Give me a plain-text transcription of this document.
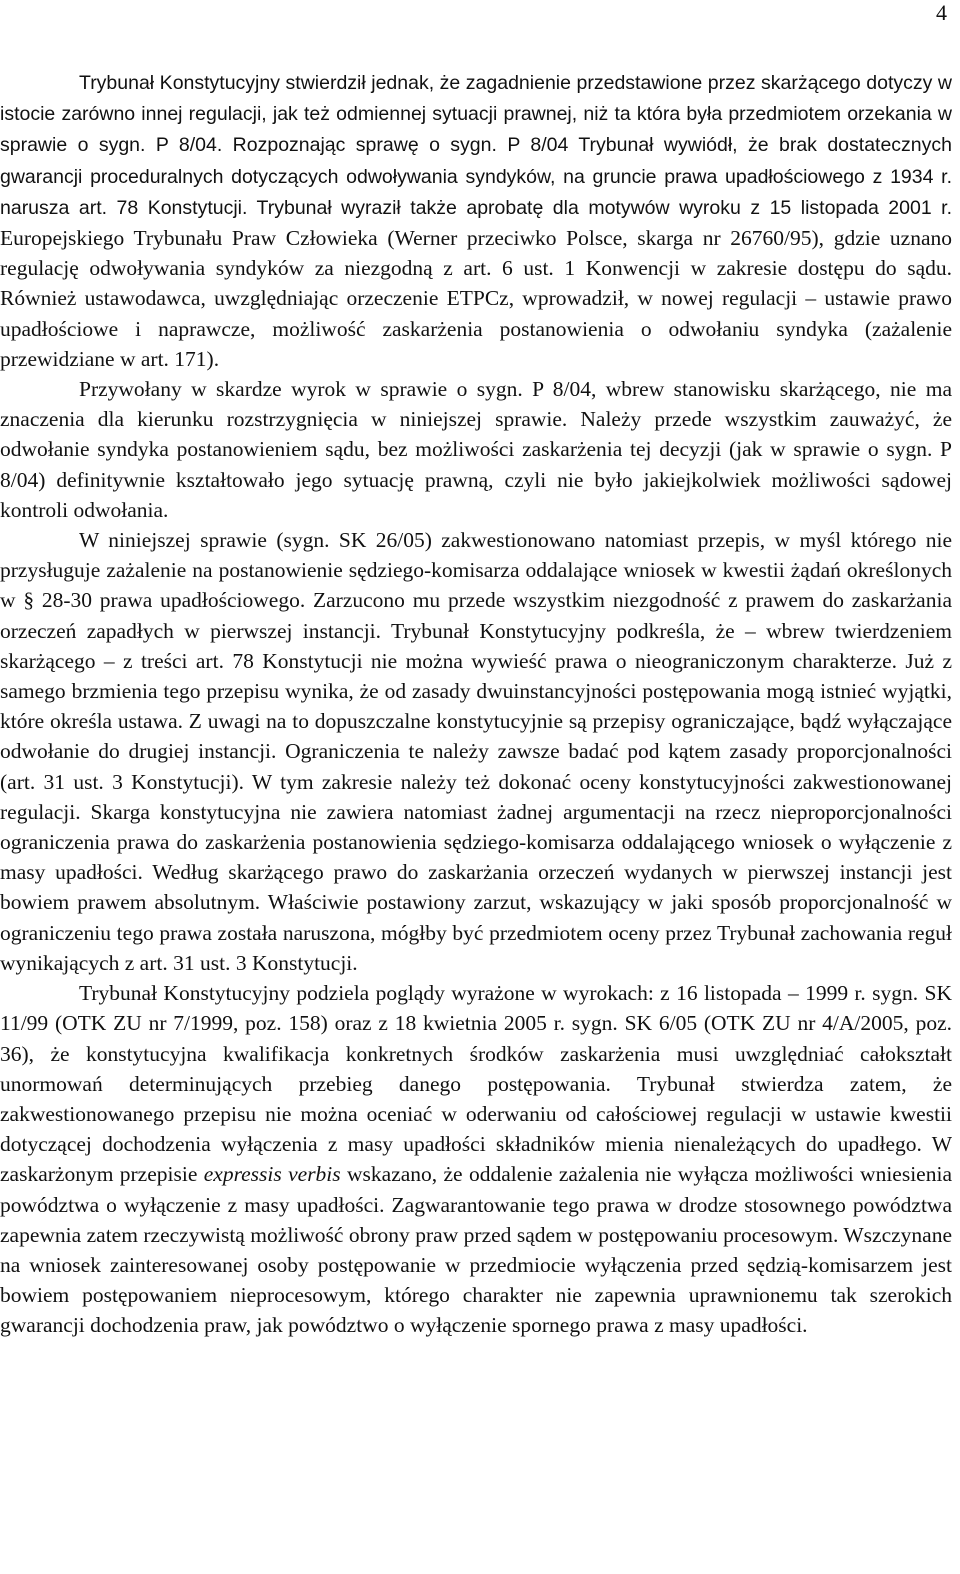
4

Trybunał Konstytucyjny stwierdził jednak, że zagadnienie przedstawione przez skarżącego dotyczy w istocie zarówno innej regulacji, jak też odmiennej sytuacji prawnej, niż ta która była przedmiotem orzekania w sprawie o sygn. P 8/04. Rozpoznając sprawę o sygn. P 8/04 Trybunał wywiódł, że brak dostatecznych gwarancji proceduralnych dotyczących odwoływania syndyków, na gruncie prawa upadłościowego z 1934 r. narusza art. 78 Konstytucji. Trybunał wyraził także aprobatę dla motywów wyroku z 15 listopada 2001 r. Europejskiego Trybunału Praw Człowieka (Werner przeciwko Polsce, skarga nr 26760/95), gdzie uznano regulację odwoływania syndyków za niezgodną z art. 6 ust. 1 Konwencji w zakresie dostępu do sądu. Również ustawodawca, uwzględniając orzeczenie ETPCz, wprowadził, w nowej regulacji – ustawie prawo upadłościowe i naprawcze, możliwość zaskarżenia postanowienia o odwołaniu syndyka (zażalenie przewidziane w art. 171).

Przywołany w skardze wyrok w sprawie o sygn. P 8/04, wbrew stanowisku skarżącego, nie ma znaczenia dla kierunku rozstrzygnięcia w niniejszej sprawie. Należy przede wszystkim zauważyć, że odwołanie syndyka postanowieniem sądu, bez możliwości zaskarżenia tej decyzji (jak w sprawie o sygn. P 8/04) definitywnie kształtowało jego sytuację prawną, czyli nie było jakiejkolwiek możliwości sądowej kontroli odwołania.

W niniejszej sprawie (sygn. SK 26/05) zakwestionowano natomiast przepis, w myśl którego nie przysługuje zażalenie na postanowienie sędziego-komisarza oddalające wniosek w kwestii żądań określonych w § 28-30 prawa upadłościowego. Zarzucono mu przede wszystkim niezgodność z prawem do zaskarżania orzeczeń zapadłych w pierwszej instancji. Trybunał Konstytucyjny podkreśla, że – wbrew twierdzeniem skarżącego – z treści art. 78 Konstytucji nie można wywieść prawa o nieograniczonym charakterze. Już z samego brzmienia tego przepisu wynika, że od zasady dwuinstancyjności postępowania mogą istnieć wyjątki, które określa ustawa. Z uwagi na to dopuszczalne konstytucyjnie są przepisy ograniczające, bądź wyłączające odwołanie do drugiej instancji. Ograniczenia te należy zawsze badać pod kątem zasady proporcjonalności (art. 31 ust. 3 Konstytucji). W tym zakresie należy też dokonać oceny konstytucyjności zakwestionowanej regulacji. Skarga konstytucyjna nie zawiera natomiast żadnej argumentacji na rzecz nieproporcjonalności ograniczenia prawa do zaskarżenia postanowienia sędziego-komisarza oddalającego wniosek o wyłączenie z masy upadłości. Według skarżącego prawo do zaskarżania orzeczeń wydanych w pierwszej instancji jest bowiem prawem absolutnym. Właściwie postawiony zarzut, wskazujący w jaki sposób proporcjonalność w ograniczeniu tego prawa została naruszona, mógłby być przedmiotem oceny przez Trybunał zachowania reguł wynikających z art. 31 ust. 3 Konstytucji.

Trybunał Konstytucyjny podziela poglądy wyrażone w wyrokach: z 16 listopada – 1999 r. sygn. SK 11/99 (OTK ZU nr 7/1999, poz. 158) oraz z 18 kwietnia 2005 r. sygn. SK 6/05 (OTK ZU nr 4/A/2005, poz. 36), że konstytucyjna kwalifikacja konkretnych środków zaskarżenia musi uwzględniać całokształt unormowań determinujących przebieg danego postępowania. Trybunał stwierdza zatem, że zakwestionowanego przepisu nie można oceniać w oderwaniu od całościowej regulacji w ustawie kwestii dotyczącej dochodzenia wyłączenia z masy upadłości składników mienia nienależących do upadłego. W zaskarżonym przepisie expressis verbis wskazano, że oddalenie zażalenia nie wyłącza możliwości wniesienia powództwa o wyłączenie z masy upadłości. Zagwarantowanie tego prawa w drodze stosownego powództwa zapewnia zatem rzeczywistą możliwość obrony praw przed sądem w postępowaniu procesowym. Wszczynane na wniosek zainteresowanej osoby postępowanie w przedmiocie wyłączenia przed sędzią-komisarzem jest bowiem postępowaniem nieprocesowym, którego charakter nie zapewnia uprawnionemu tak szerokich gwarancji dochodzenia praw, jak powództwo o wyłączenie spornego prawa z masy upadłości.
